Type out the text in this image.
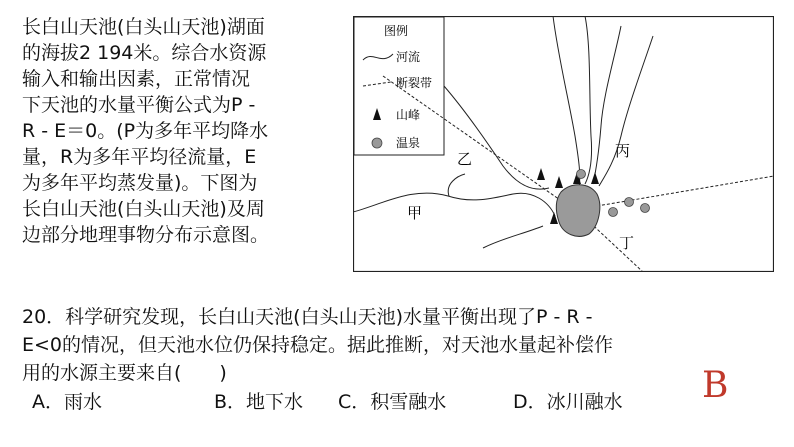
长白山天池(白头山天池)湖面
的海拔2 194米。综合水资源
输入和输出因素，正常情况
下天池的水量平衡公式为P -
R - E＝0。(P为多年平均降水
量，R为多年平均径流量，E
为多年平均蒸发量)。下图为
长白山天池(白头山天池)及周
边部分地理事物分布示意图。
图例
河流
断裂带
山峰
温泉
甲
乙	丙
丁
20．科学研究发现，长白山天池(白头山天池)水量平衡出现了P - R -
E<0的情况，但天池水位仍保持稳定。据此推断，对天池水量起补偿作
用的水源主要来自(　　)
A．雨水	B．地下水 C．积雪融水	D．冰川融水 B
